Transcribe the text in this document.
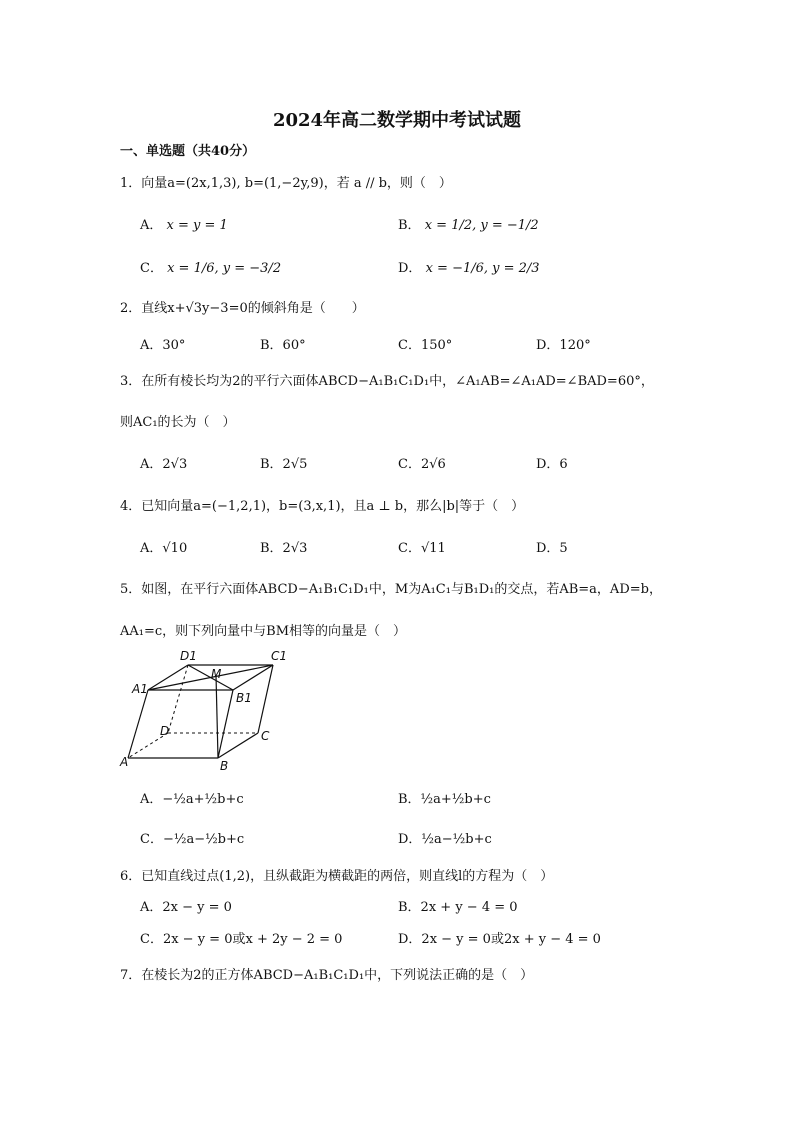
2024年高二数学期中考试试题
一、单选题（共40分）
1．向量a=(2x,1,3), b=(1,−2y,9)，若 a // b，则（　）
A． x = y = 1	B． x = 1/2, y = −1/2
C． x = 1/6, y = −3/2	D． x = −1/6, y = 2/3
2．直线x+√3y−3=0的倾斜角是（　　）
A．30°	B．60°	C．150°	D．120°
3．在所有棱长均为2的平行六面体ABCD−A₁B₁C₁D₁中，∠A₁AB=∠A₁AD=∠BAD=60°，
则AC₁的长为（　）
A．2√3	B．2√5	C．2√6	D．6
4．已知向量a=(−1,2,1)，b=(3,x,1)，且a ⊥ b，那么|b|等于（　）
A．√10	B．2√3	C．√11	D．5
5．如图，在平行六面体ABCD−A₁B₁C₁D₁中，M为A₁C₁与B₁D₁的交点，若AB=a，AD=b，
AA₁=c，则下列向量中与BM相等的向量是（　）
D1
M
C1
A1
B1
D	C
A	B
A．−½a+½b+c	B．½a+½b+c
C．−½a−½b+c	D．½a−½b+c
6．已知直线过点(1,2)，且纵截距为横截距的两倍，则直线l的方程为（　）
A．2x − y = 0	B．2x + y − 4 = 0
C．2x − y = 0或x + 2y − 2 = 0	D．2x − y = 0或2x + y − 4 = 0
7．在棱长为2的正方体ABCD−A₁B₁C₁D₁中，下列说法正确的是（　）
